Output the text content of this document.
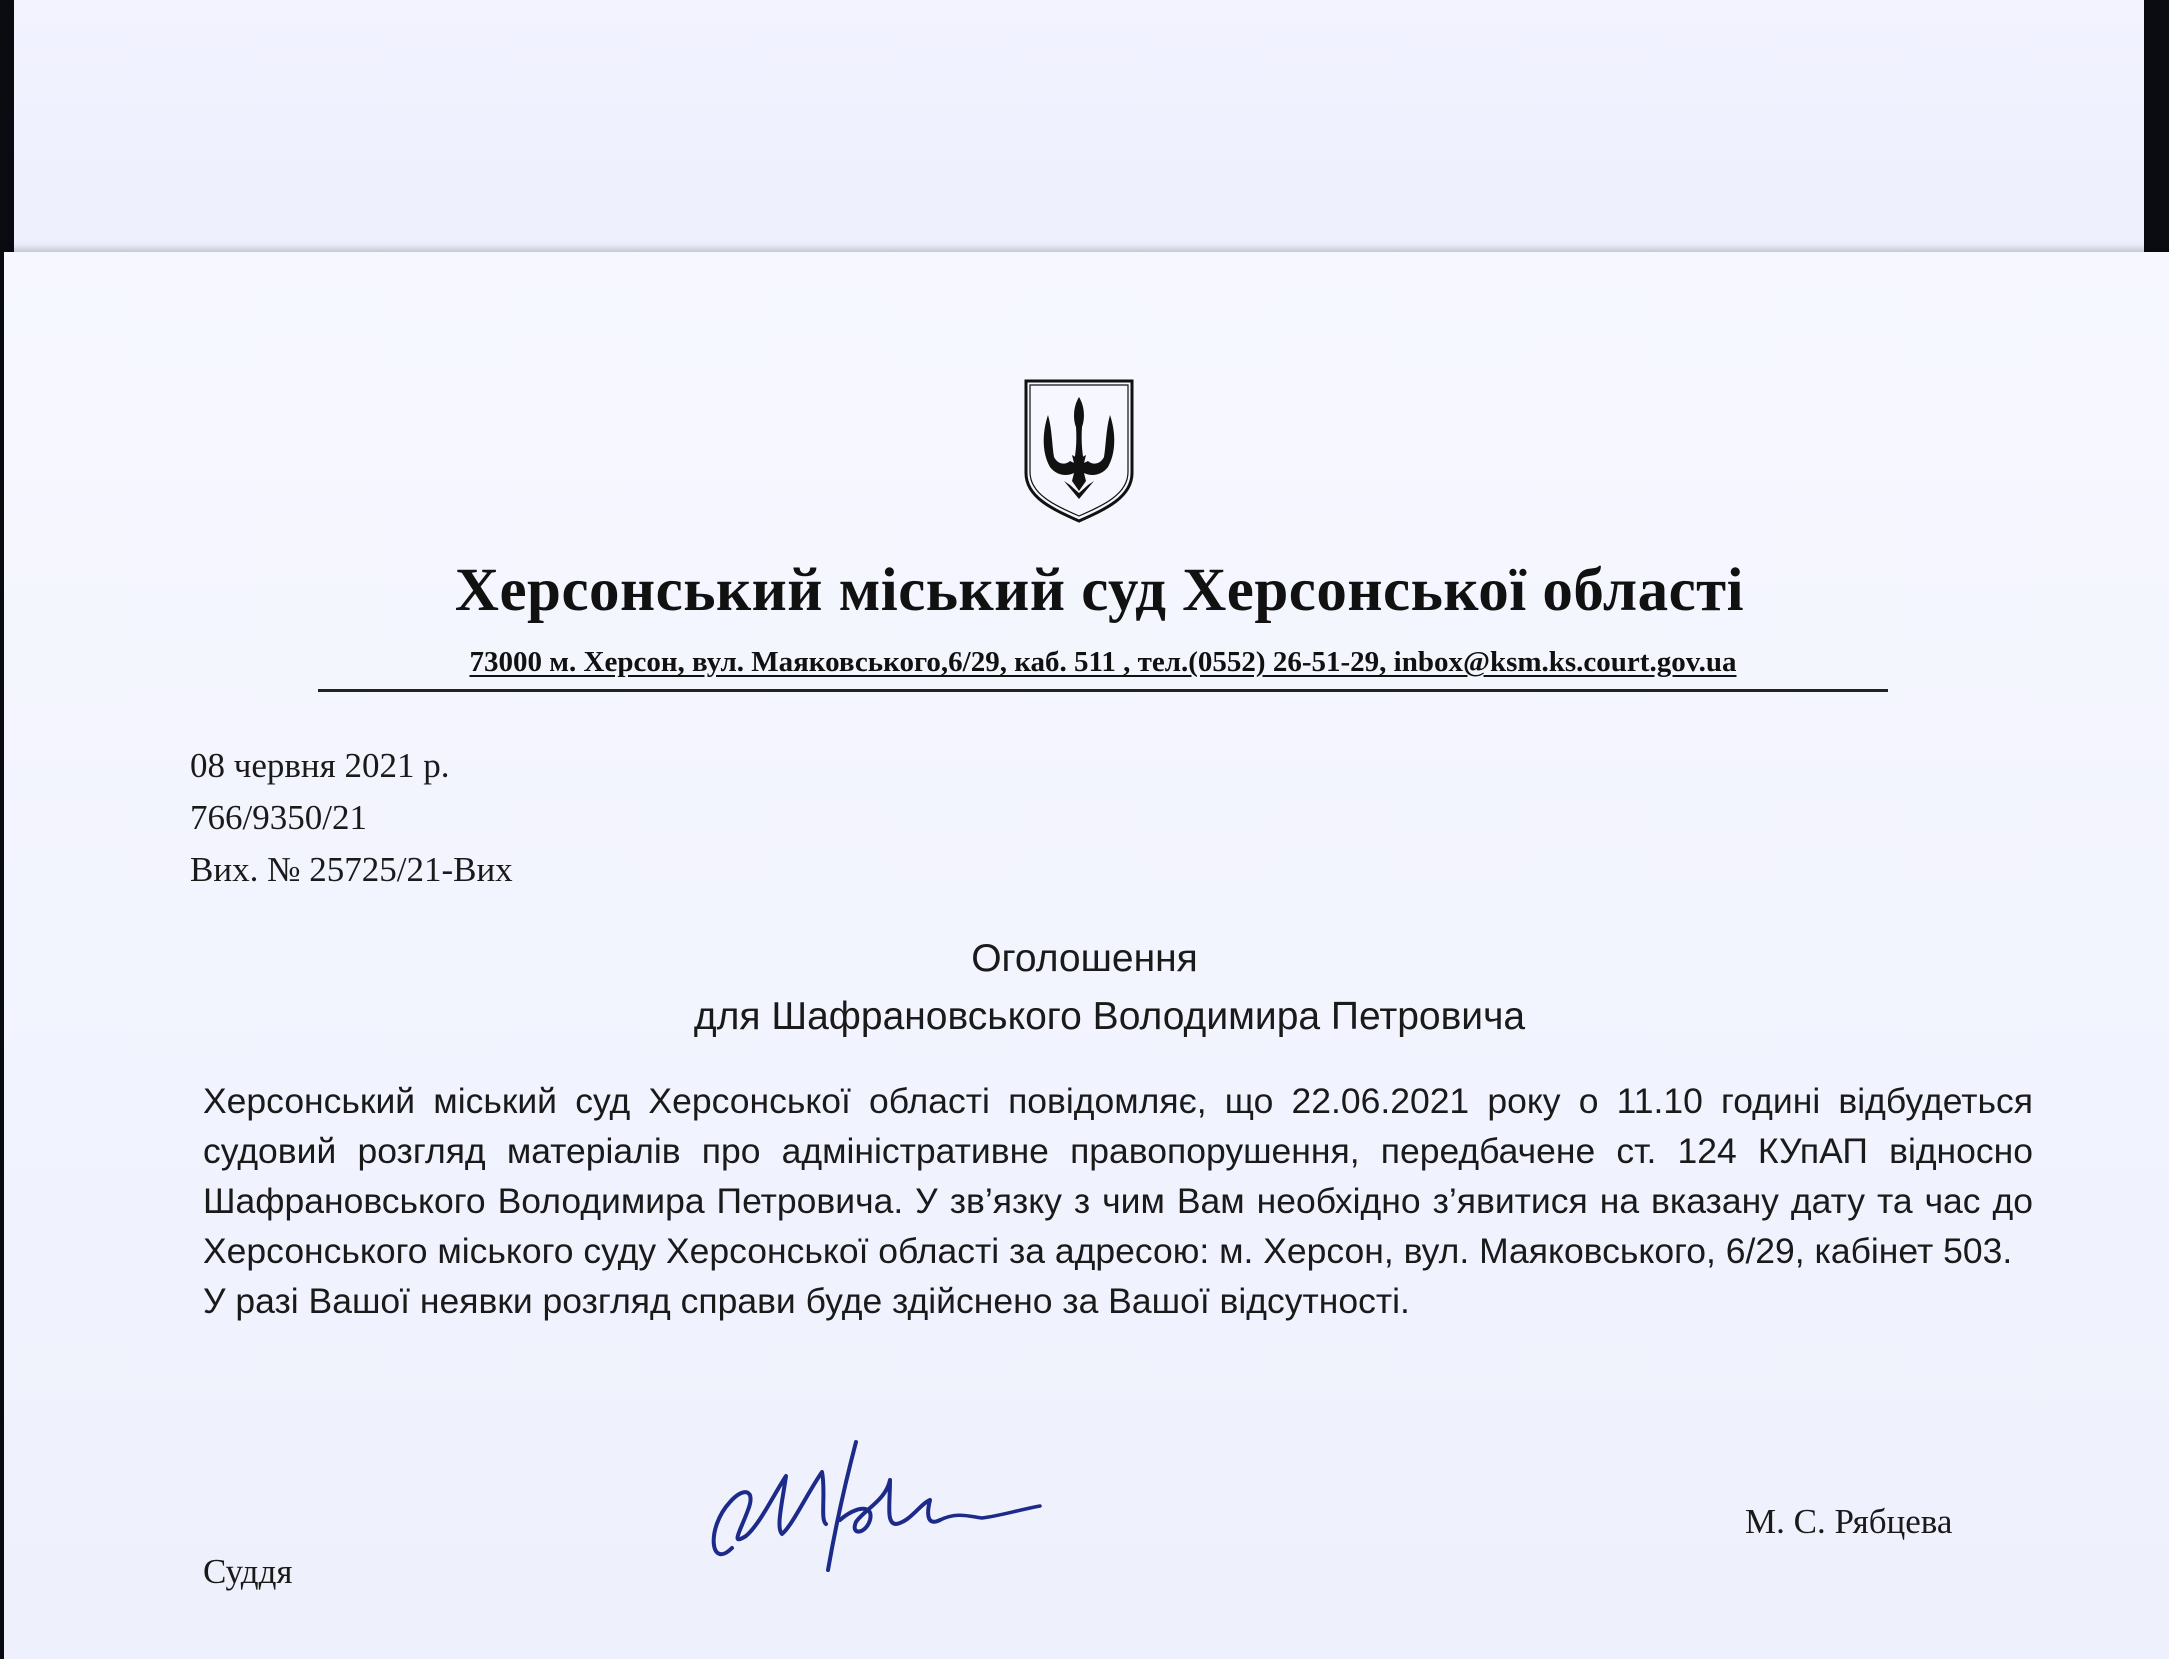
Херсонський міський суд Херсонської області
73000 м. Херсон, вул. Маяковського,6/29, каб. 511 , тел.(0552) 26-51-29, inbox@ksm.ks.court.gov.ua
08 червня 2021 р.
766/9350/21
Вих. № 25725/21-Вих
Оголошення
для Шафрановського Володимира Петровича

Херсонський міський суд Херсонської області повідомляє, що 22.06.2021 року о 11.10 годині відбудеться судовий розгляд матеріалів про адміністративне правопорушення, передбачене ст. 124 КУпАП відносно Шафрановського Володимира Петровича. У зв’язку з чим Вам необхідно з’явитися на вказану дату та час до Херсонського міського суду Херсонської області за адресою: м. Херсон, вул. Маяковського, 6/29, кабінет 503.

У разі Вашої неявки розгляд справи буде здійснено за Вашої відсутності.

Суддя
М. С. Рябцева
